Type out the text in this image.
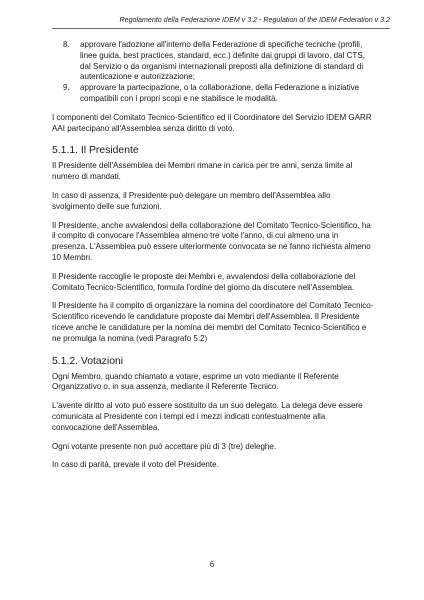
Regolamento della Federazione IDEM v 3.2 - Regulation of the IDEM Federation v 3.2
8. approvare l'adozione all'interno della Federazione di specifiche tecniche (profili, linee guida, best practices, standard, ecc.) definite dai gruppi di lavoro, dal CTS, dal Servizio o da organismi internazionali preposti alla definizione di standard di autenticazione e autorizzazione;
9. approvare la partecipazione, o la collaborazione, della Federazione a iniziative compatibili con i propri scopi e ne stabilisce le modalità.

I componenti del Comitato Tecnico-Scientifico ed il Coordinatore del Servizio IDEM GARR AAI partecipano all'Assemblea senza diritto di voto.

5.1.1. Il Presidente

Il Presidente dell'Assemblea dei Membri rimane in carica per tre anni, senza limite al numero di mandati.

In caso di assenza, il Presidente può delegare un membro dell'Assemblea allo svolgimento delle sue funzioni.

Il Presidente, anche avvalendosi della collaborazione del Comitato Tecnico-Scientifico, ha il compito di convocare l'Assemblea almeno tre volte l'anno, di cui almeno una in presenza. L'Assemblea può essere ulteriormente convocata se ne fanno richiesta almeno 10 Membri.

Il Presidente raccoglie le proposte dei Membri e, avvalendosi della collaborazione del Comitato Tecnico-Scientifico, formula l'ordine del giorno da discutere nell'Assemblea.

Il Presidente ha il compito di organizzare la nomina del coordinatore del Comitato Tecnico-Scientifico ricevendo le candidature proposte dai Membri dell'Assemblea. Il Presidente riceve anche le candidature per la nomina dei membri del Comitato Tecnico-Scientifico e ne promulga la nomina (vedi Paragrafo 5.2)

5.1.2. Votazioni

Ogni Membro, quando chiamato a votare, esprime un voto mediante il Referente Organizzativo o, in sua assenza, mediante il Referente Tecnico.

L'avente diritto al voto può essere sostituito da un suo delegato. La delega deve essere comunicata al Presidente con i tempi ed i mezzi indicati contestualmente alla convocazione dell'Assemblea.

Ogni votante presente non può accettare più di 3 (tre) deleghe.

In caso di parità, prevale il voto del Presidente.

6
